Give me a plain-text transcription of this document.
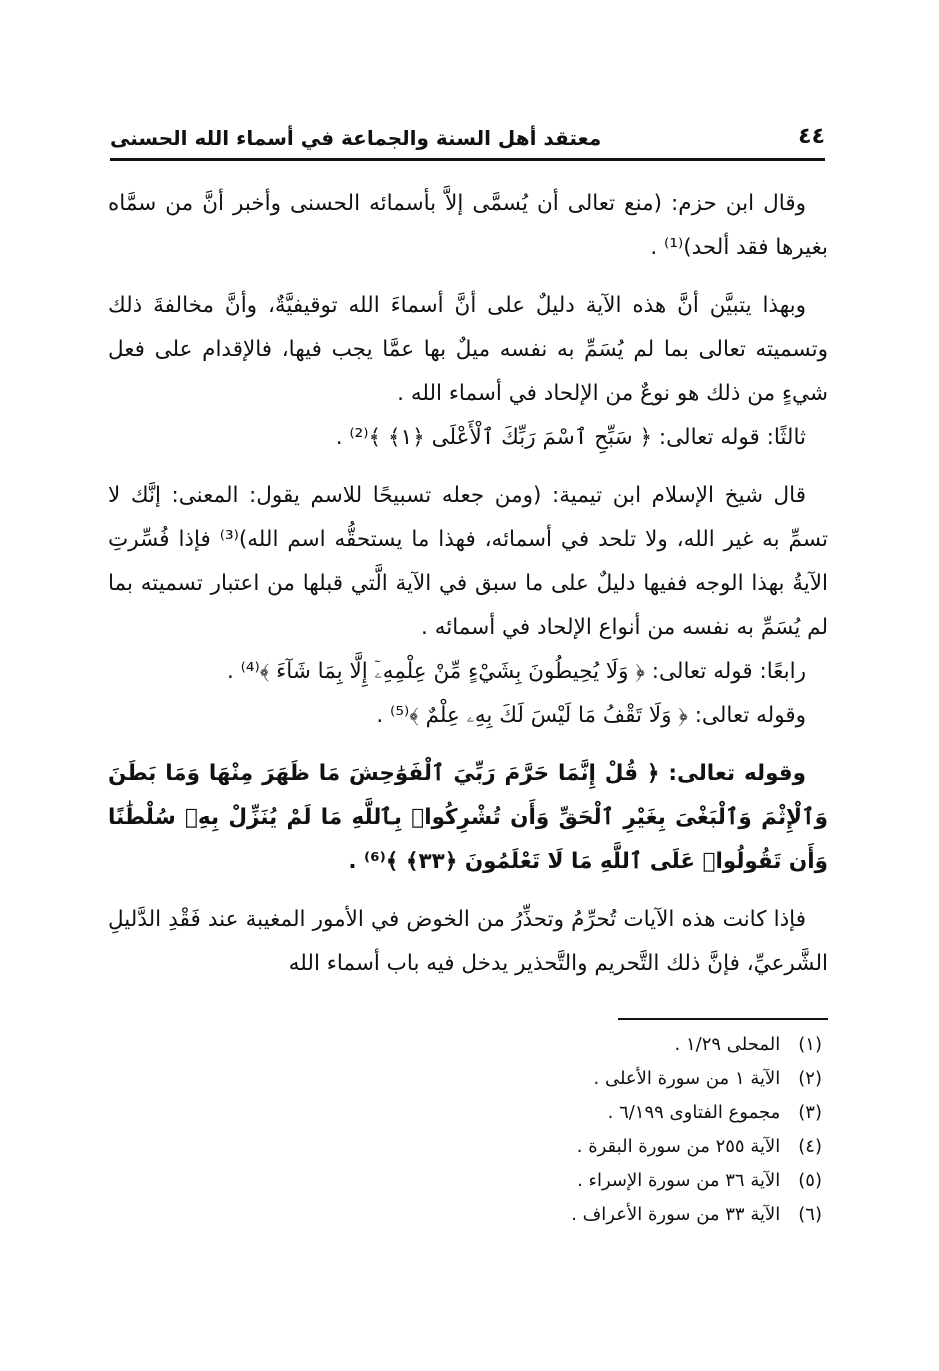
٤٤
معتقد أهل السنة والجماعة في أسماء الله الحسنى

وقال ابن حزم: (منع تعالى أن يُسمَّى إلاَّ بأسمائه الحسنى وأخبر أنَّ من سمَّاه بغيرها فقد ألحد)⁽¹⁾ .

وبهذا يتبيَّن أنَّ هذه الآية دليلٌ على أنَّ أسماءَ الله توقيفيَّةٌ، وأنَّ مخالفةَ ذلك وتسميته تعالى بما لم يُسَمِّ به نفسه ميلٌ بها عمَّا يجب فيها، فالإقدام على فعل شيءٍ من ذلك هو نوعٌ من الإلحاد في أسماء الله .

ثالثًا: قوله تعالى: ﴿ سَبِّحِ ٱسْمَ رَبِّكَ ٱلْأَعْلَى ﴿١﴾ ﴾⁽²⁾ .

قال شيخ الإسلام ابن تيمية: (ومن جعله تسبيحًا للاسم يقول: المعنى: إنَّك لا تسمِّ به غير الله، ولا تلحد في أسمائه، فهذا ما يستحقُّه اسم الله)⁽³⁾ فإذا فُسِّرتِ الآيةُ بهذا الوجه ففيها دليلٌ على ما سبق في الآية الَّتي قبلها من اعتبار تسميته بما لم يُسَمِّ به نفسه من أنواع الإلحاد في أسمائه .

رابعًا: قوله تعالى: ﴿ وَلَا يُحِيطُونَ بِشَيْءٍ مِّنْ عِلْمِهِۦٓ إِلَّا بِمَا شَآءَ ﴾⁽⁴⁾ .

وقوله تعالى: ﴿ وَلَا تَقْفُ مَا لَيْسَ لَكَ بِهِۦ عِلْمٌ ﴾⁽⁵⁾ .

وقوله تعالى: ﴿ قُلْ إِنَّمَا حَرَّمَ رَبِّيَ ٱلْفَوَٰحِشَ مَا ظَهَرَ مِنْهَا وَمَا بَطَنَ وَٱلْإِثْمَ وَٱلْبَغْىَ بِغَيْرِ ٱلْحَقِّ وَأَن تُشْرِكُوا۟ بِٱللَّهِ مَا لَمْ يُنَزِّلْ بِهِۦ سُلْطَٰنًا وَأَن تَقُولُوا۟ عَلَى ٱللَّهِ مَا لَا تَعْلَمُونَ ﴿٣٣﴾ ﴾⁽⁶⁾ .

فإذا كانت هذه الآيات تُحرِّمُ وتحذِّرُ من الخوض في الأمور المغيبة عند فَقْدِ الدَّليلِ الشَّرعيِّ، فإنَّ ذلك التَّحريم والتَّحذير يدخل فيه باب أسماء الله

(١) المحلى ١/٢٩ .
(٢) الآية ١ من سورة الأعلى .
(٣) مجموع الفتاوى ٦/١٩٩ .
(٤) الآية ٢٥٥ من سورة البقرة .
(٥) الآية ٣٦ من سورة الإسراء .
(٦) الآية ٣٣ من سورة الأعراف .
